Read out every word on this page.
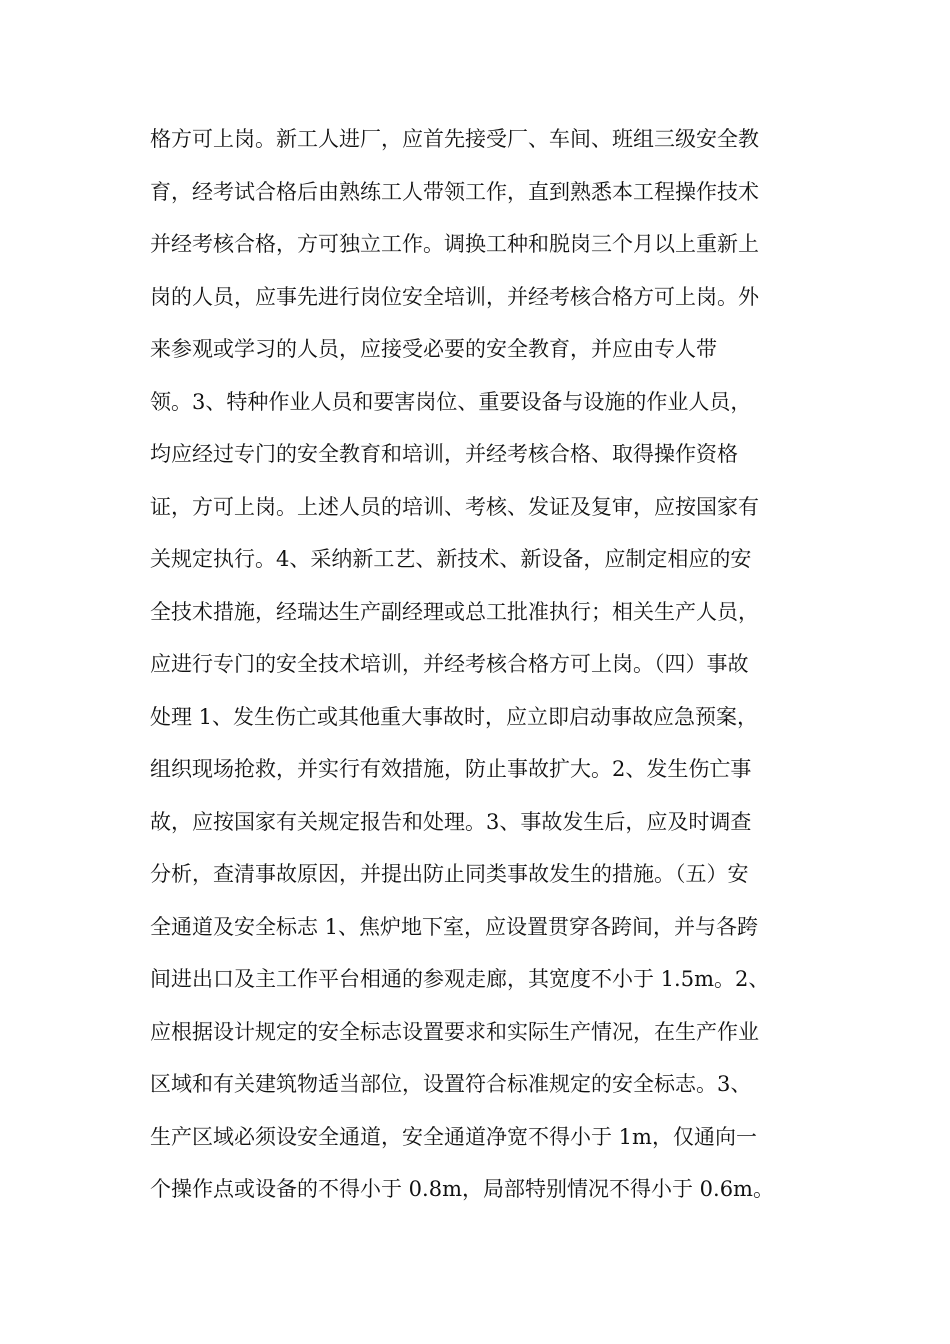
格方可上岗。新工人进厂，应首先接受厂、车间、班组三级安全教
育，经考试合格后由熟练工人带领工作，直到熟悉本工程操作技术
并经考核合格，方可独立工作。调换工种和脱岗三个月以上重新上
岗的人员，应事先进行岗位安全培训，并经考核合格方可上岗。外
来参观或学习的人员，应接受必要的安全教育，并应由专人带
领。3、特种作业人员和要害岗位、重要设备与设施的作业人员，
均应经过专门的安全教育和培训，并经考核合格、取得操作资格
证，方可上岗。上述人员的培训、考核、发证及复审，应按国家有
关规定执行。4、采纳新工艺、新技术、新设备，应制定相应的安
全技术措施，经瑞达生产副经理或总工批准执行；相关生产人员，
应进行专门的安全技术培训，并经考核合格方可上岗。（四）事故
处理 1、发生伤亡或其他重大事故时，应立即启动事故应急预案，
组织现场抢救，并实行有效措施，防止事故扩大。2、发生伤亡事
故，应按国家有关规定报告和处理。3、事故发生后，应及时调查
分析，查清事故原因，并提出防止同类事故发生的措施。（五）安
全通道及安全标志 1、焦炉地下室，应设置贯穿各跨间，并与各跨
间进出口及主工作平台相通的参观走廊，其宽度不小于 1.5m。2、
应根据设计规定的安全标志设置要求和实际生产情况，在生产作业
区域和有关建筑物适当部位，设置符合标准规定的安全标志。3、
生产区域必须设安全通道，安全通道净宽不得小于 1m，仅通向一
个操作点或设备的不得小于 0.8m，局部特别情况不得小于 0.6m。
